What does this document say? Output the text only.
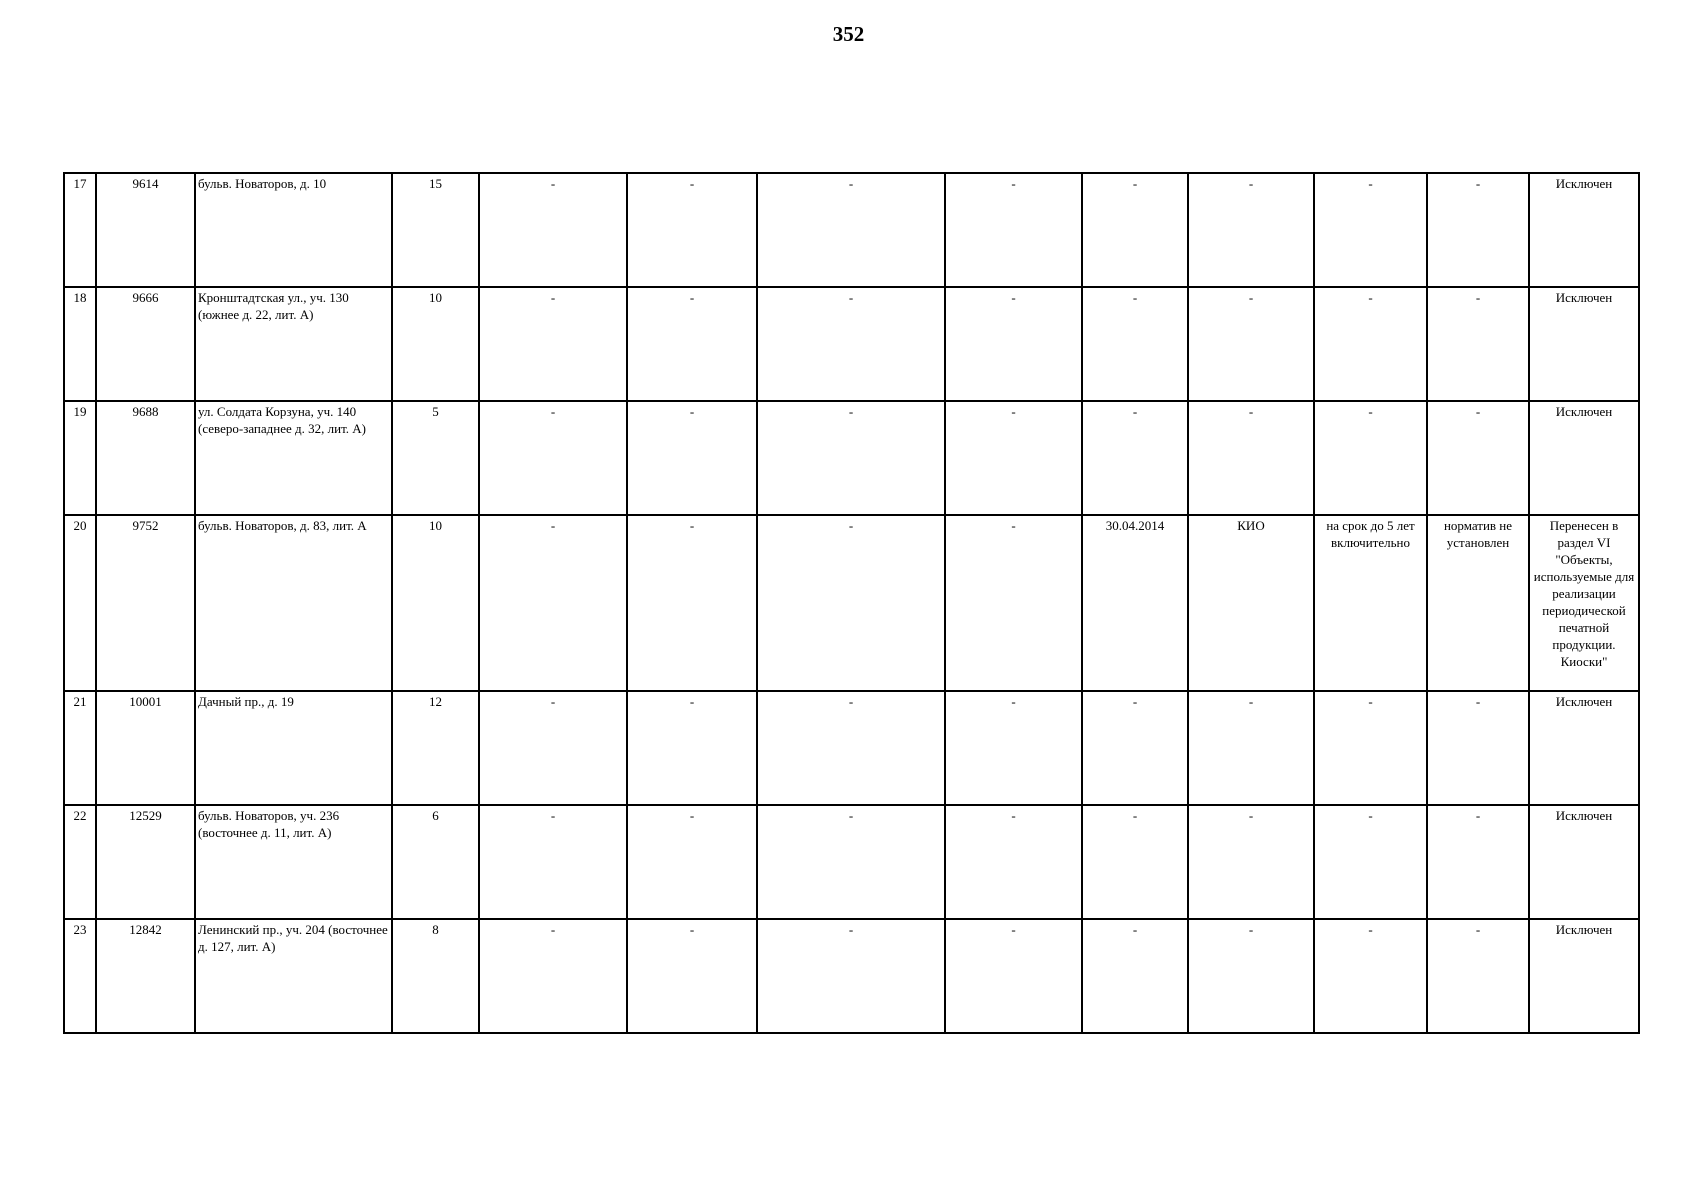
352
17	9614	бульв. Новаторов, д. 10	15	-	-	-	-	-	-	-	-	Исключен
18	9666	Кронштадтская ул., уч. 130 (южнее д. 22, лит. А)	10	-	-	-	-	-	-	-	-	Исключен
19	9688	ул. Солдата Корзуна, уч. 140 (северо-западнее д. 32, лит. А)	5	-	-	-	-	-	-	-	-	Исключен
20	9752	бульв. Новаторов, д. 83, лит. А	10	-	-	-	-	30.04.2014	КИО	на срок до 5 лет включительно	норматив не установлен	Перенесен в раздел VI "Объекты, используемые для реализации периодической печатной продукции. Киоски"
21	10001	Дачный пр., д. 19	12	-	-	-	-	-	-	-	-	Исключен
22	12529	бульв. Новаторов, уч. 236 (восточнее д. 11, лит. А)	6	-	-	-	-	-	-	-	-	Исключен
23	12842	Ленинский пр., уч. 204 (восточнее д. 127, лит. А)	8	-	-	-	-	-	-	-	-	Исключен
